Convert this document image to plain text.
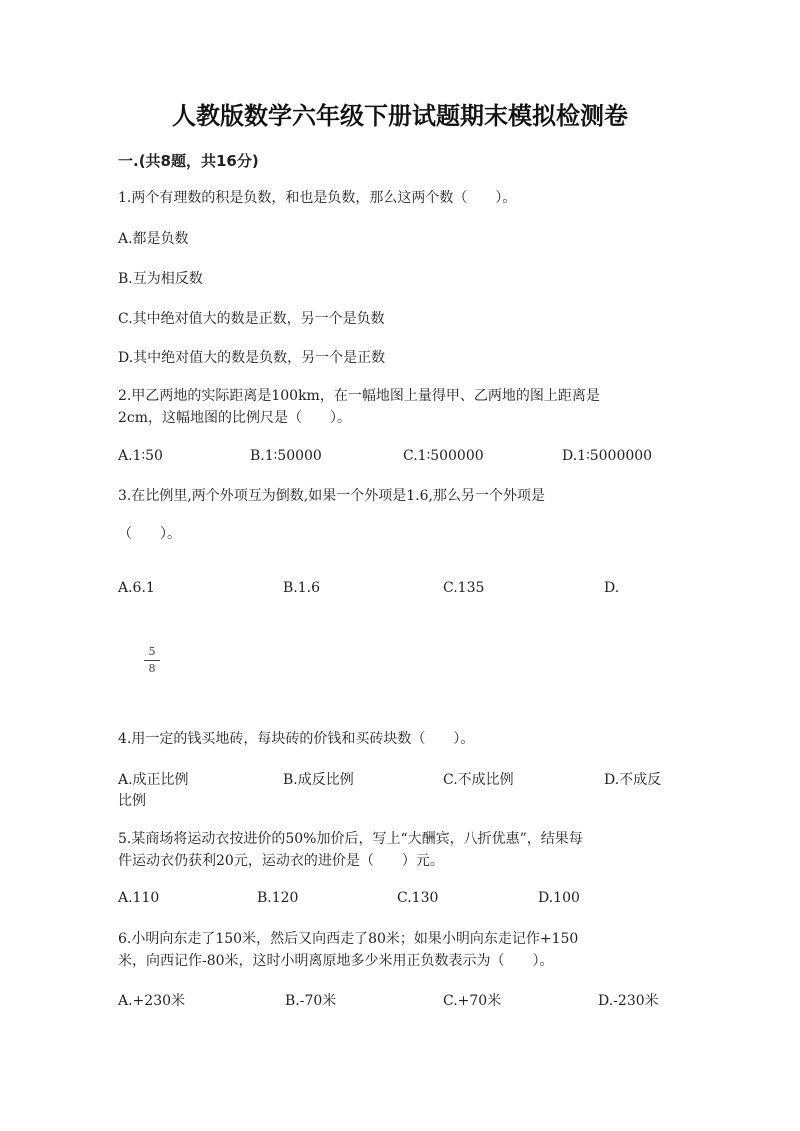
人教版数学六年级下册试题期末模拟检测卷
一.(共8题，共16分)
1.两个有理数的积是负数，和也是负数，那么这两个数（　　）。
A.都是负数
B.互为相反数
C.其中绝对值大的数是正数，另一个是负数
D.其中绝对值大的数是负数，另一个是正数
2.甲乙两地的实际距离是100km，在一幅地图上量得甲、乙两地的图上距离是
2cm，这幅地图的比例尺是（　　）。
A.1∶50	B.1∶50000	C.1∶500000	D.1∶5000000
3.在比例里,两个外项互为倒数,如果一个外项是1.6,那么另一个外项是
（　　）。
A.6.1	B.1.6	C.135	D.
5
8
4.用一定的钱买地砖，每块砖的价钱和买砖块数（　　）。
A.成正比例	B.成反比例	C.不成比例	D.不成反
比例
5.某商场将运动衣按进价的50%加价后，写上“大酬宾，八折优惠”，结果每
件运动衣仍获利20元，运动衣的进价是（　　）元。
A.110	B.120	C.130	D.100
6.小明向东走了150米，然后又向西走了80米；如果小明向东走记作+150
米，向西记作-80米，这时小明离原地多少米用正负数表示为（　　）。
A.+230米	B.-70米	C.+70米	D.-230米
